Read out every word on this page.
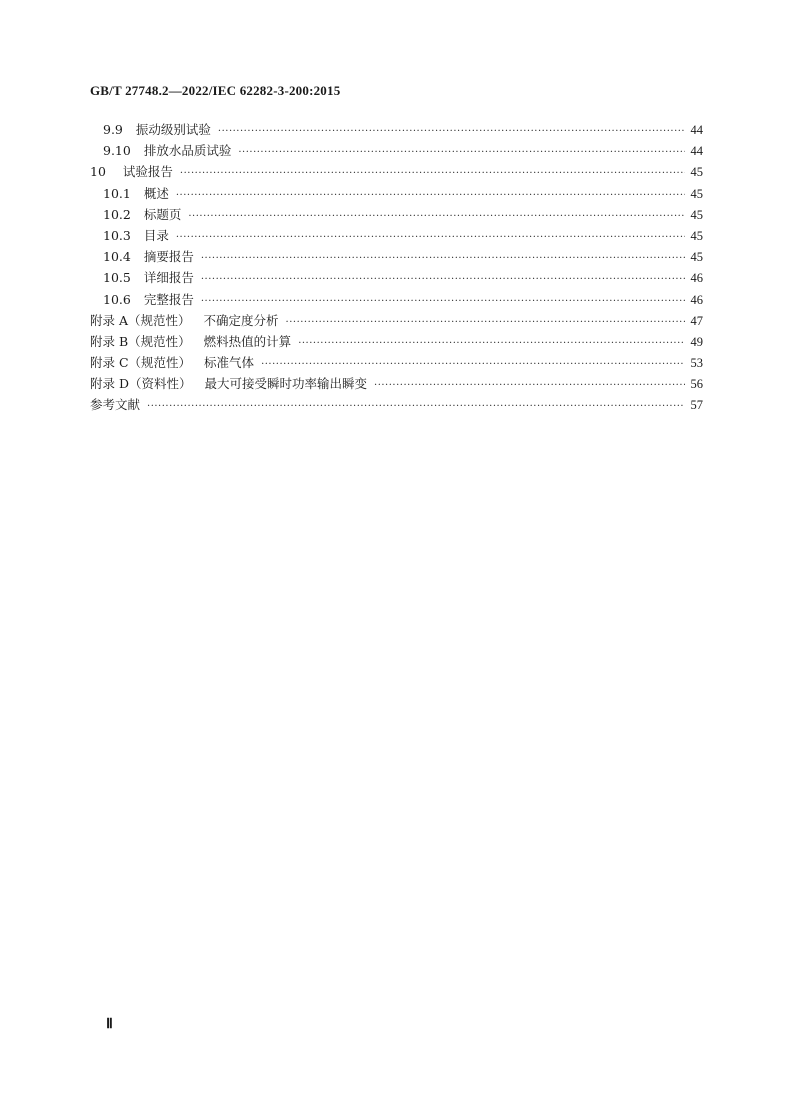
GB/T 27748.2—2022/IEC 62282-3-200:2015
9.9 振动级别试验 ·····	44
9.10 排放水品质试验 ·····	44
10 试验报告 ·····	45
10.1 概述 ·····	45
10.2 标题页 ·····	45
10.3 目录 ·····	45
10.4 摘要报告 ·····	45
10.5 详细报告 ·····	46
10.6 完整报告 ·····	46
附录 A（规范性） 不确定度分析 ·····	47
附录 B（规范性） 燃料热值的计算 ·····	49
附录 C（规范性） 标准气体 ·····	53
附录 D（资料性） 最大可接受瞬时功率输出瞬变 ·····	56
参考文献 ·····	57
Ⅱ
